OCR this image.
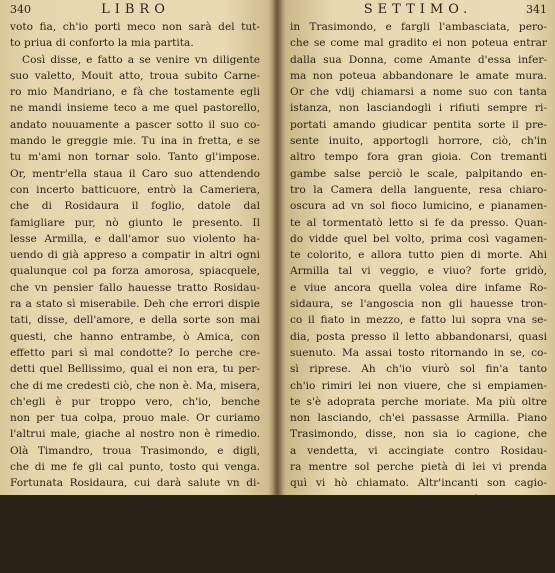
340	LIBRO
voto fia, ch'io porti meco non sarà del tut-
to priua di conforto la mia partita.
Così disse, e fatto a se venire vn diligente
suo valetto, Mouit atto, troua subito Carne-
ro mio Mandriano, e fà che tostamente egli
ne mandi insieme teco a me quel pastorello,
andato nouuamente a pascer sotto il suo co-
mando le greggie mie. Tu ina in fretta, e se
tu m'ami non tornar solo. Tanto gl'impose.
Or, mentr'ella staua il Caro suo attendendo
con incerto batticuore, entrò la Cameriera,
che di Rosidaura il foglio, datole dal
famigliare pur, nò giunto le presento. Il
lesse Armilla, e dall'amor suo violento ha-
uendo di già appreso a compatir in altri ogni
qualunque col pa forza amorosa, spiacquele,
che vn pensier fallo hauesse tratto Rosidau-
ra a stato sì miserabile. Deh che errori dispie
tati, disse, dell'amore, e della sorte son mai
questi, che hanno entrambe, ò Amica, con
effetto pari sì mal condotte? Io perche cre-
detti quel Bellissimo, qual ei non era, tu per-
che di me credesti ciò, che non è. Ma, misera,
ch'egli è pur troppo vero, ch'io, benche
non per tua colpa, prouo male. Or curiamo
l'altrui male, giache al nostro non è rimedio.
Olà Timandro, troua Trasimondo, e digli,
che di me fe gli cal punto, tosto qui venga.
Fortunata Rosidaura, cui darà salute vn di-
singanno, doue, a me infelice vn disinganno
reca la morte.
Non penò Timandro molto ad auuenirsi
in
SETTIMO.	341
in Trasimondo, e fargli l'ambasciata, pero-
che se come mal gradito ei non poteua entrar
dalla sua Donna, come Amante d'essa infer-
ma non poteua abbandonare le amate mura.
Or che vdij chiamarsi a nome suo con tanta
istanza, non lasciandogli i rifiuti sempre ri-
portati amando giudicar pentita sorte il pre-
sente inuito, apportogli horrore, ciò, ch'in
altro tempo fora gran gioia. Con tremanti
gambe salse perciò le scale, palpitando en-
tro la Camera della languente, resa chiaro-
oscura ad vn sol fioco lumicino, e pianamen-
te al tormentatò letto si fe da presso. Quan-
do vidde quel bel volto, prima così vagamen-
te colorito, e allora tutto pien di morte. Ahi
Armilla tal vi veggio, e viuo? forte gridò,
e viue ancora quella volea dire infame Ro-
sidaura, se l'angoscia non gli hauesse tron-
co il fiato in mezzo, e fatto lui sopra vna se-
dia, posta presso il letto abbandonarsi, quasi
suenuto. Ma assai tosto ritornando in se, co-
sì riprese. Ah ch'io viurò sol fin'a tanto
ch'io rimiri lei non viuere, che si empiamen-
te s'è adoprata perche moriate. Ma più oltre
non lasciando, ch'ei passasse Armilla. Piano
Trasimondo, disse, non sia io cagione, che
a vendetta, vi accingiate contro Rosidau-
ra mentre sol perche pietà di lei vi prenda
quì vi hò chiamato. Altr'incanti son cagio-
ne del mio male, che i suoi, cò quali altro
non ha cercato l'infelice, sol ch'io vi amassi.
Vdire dunque in pochi detti, già che a me
la fiquidezza delle forze toglie il dir molto,
P 3 Ri-
